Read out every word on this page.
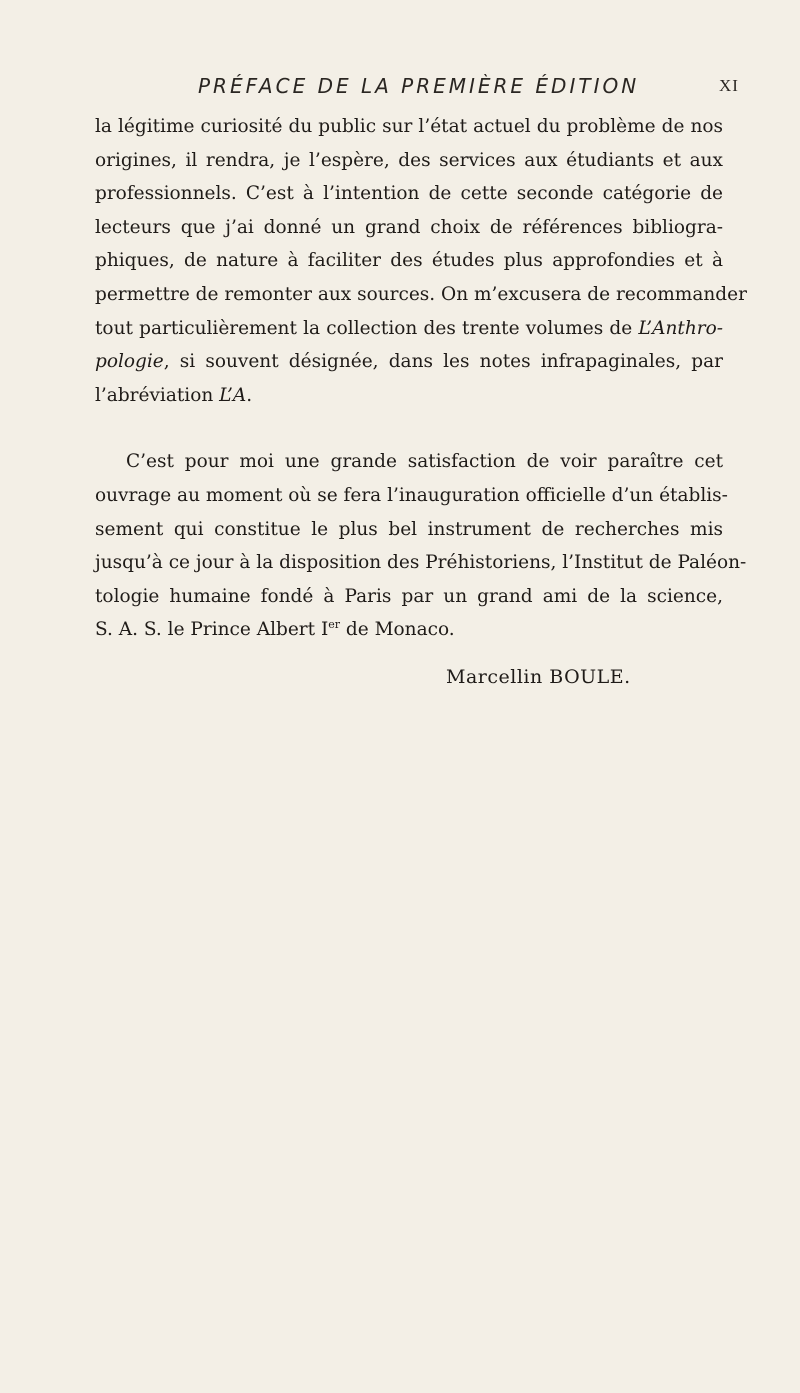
PRÉFACE DE LA PREMIÈRE ÉDITION	XI
la légitime curiosité du public sur l’état actuel du problème de nos
origines, il rendra, je l’espère, des services aux étudiants et aux
professionnels. C’est à l’intention de cette seconde catégorie de
lecteurs que j’ai donné un grand choix de références bibliogra-
phiques, de nature à faciliter des études plus approfondies et à
permettre de remonter aux sources. On m’excusera de recommander
tout particulièrement la collection des trente volumes de L’Anthro-
pologie, si souvent désignée, dans les notes infrapaginales, par
l’abréviation L’A.
C’est pour moi une grande satisfaction de voir paraître cet
ouvrage au moment où se fera l’inauguration officielle d’un établis-
sement qui constitue le plus bel instrument de recherches mis
jusqu’à ce jour à la disposition des Préhistoriens, l’Institut de Paléon-
tologie humaine fondé à Paris par un grand ami de la science,
S. A. S. le Prince Albert Ier de Monaco.
Marcellin BOULE.
